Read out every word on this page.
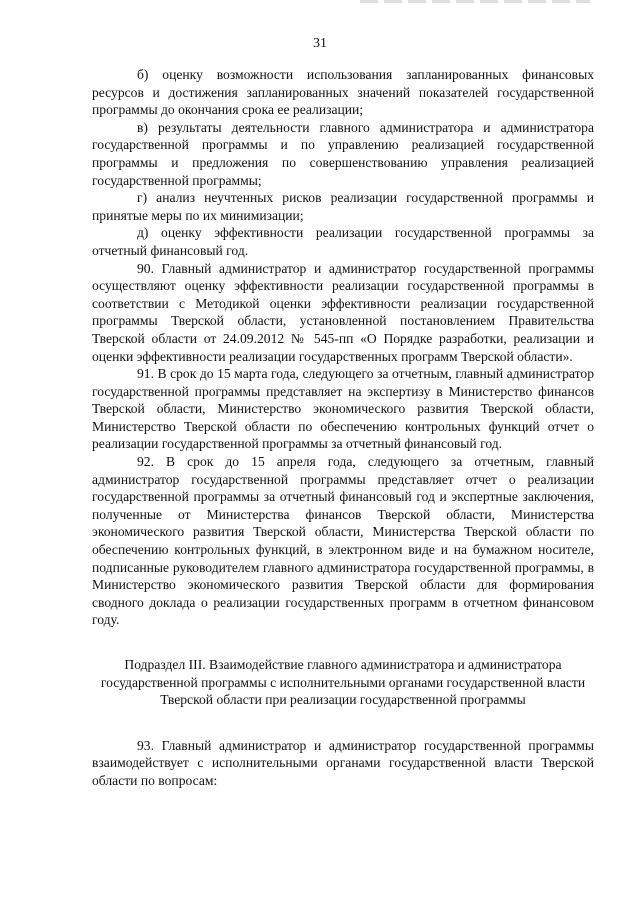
31

б) оценку возможности использования запланированных финансовых ресурсов и достижения запланированных значений показателей государственной программы до окончания срока ее реализации;

в) результаты деятельности главного администратора и администратора государственной программы и по управлению реализацией государственной программы и предложения по совершенствованию управления реализацией государственной программы;

г) анализ неучтенных рисков реализации государственной программы и принятые меры по их минимизации;

д) оценку эффективности реализации государственной программы за отчетный финансовый год.

90. Главный администратор и администратор государственной программы осуществляют оценку эффективности реализации государственной программы в соответствии с Методикой оценки эффективности реализации государственной программы Тверской области, установленной постановлением Правительства Тверской области от 24.09.2012 № 545-пп «О Порядке разработки, реализации и оценки эффективности реализации государственных программ Тверской области».

91. В срок до 15 марта года, следующего за отчетным, главный администратор государственной программы представляет на экспертизу в Министерство финансов Тверской области, Министерство экономического развития Тверской области, Министерство Тверской области по обеспечению контрольных функций отчет о реализации государственной программы за отчетный финансовый год.

92. В срок до 15 апреля года, следующего за отчетным, главный администратор государственной программы представляет отчет о реализации государственной программы за отчетный финансовый год и экспертные заключения, полученные от Министерства финансов Тверской области, Министерства экономического развития Тверской области, Министерства Тверской области по обеспечению контрольных функций, в электронном виде и на бумажном носителе, подписанные руководителем главного администратора государственной программы, в Министерство экономического развития Тверской области для формирования сводного доклада о реализации государственных программ в отчетном финансовом году.

Подраздел III. Взаимодействие главного администратора и администратора государственной программы с исполнительными органами государственной власти Тверской области при реализации государственной программы

93. Главный администратор и администратор государственной программы взаимодействует с исполнительными органами государственной власти Тверской области по вопросам:
